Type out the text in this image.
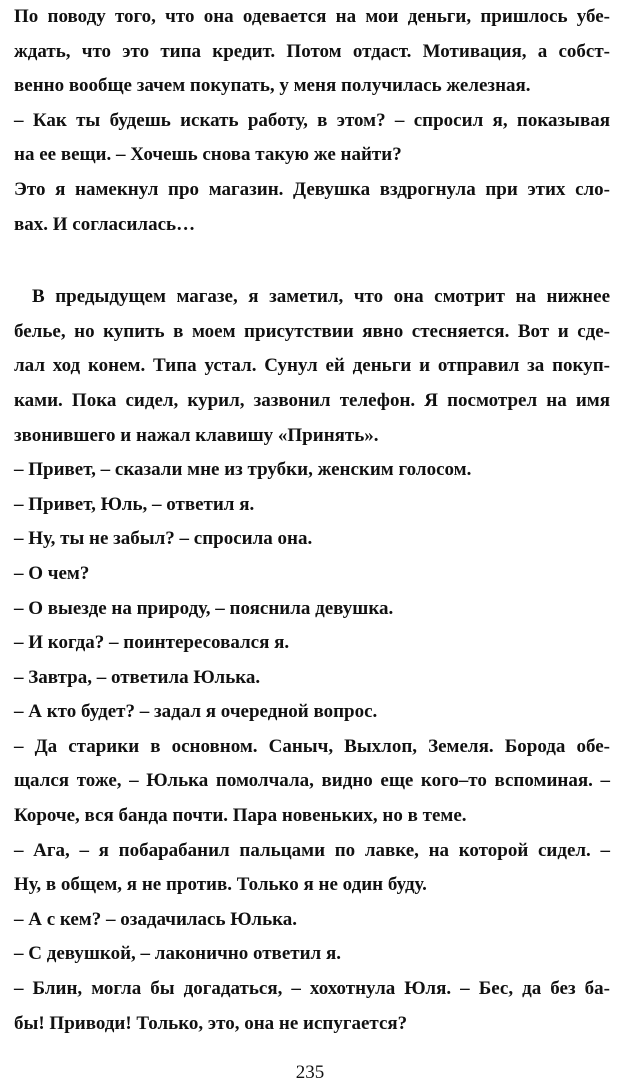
По поводу того, что она одевается на мои деньги, пришлось убе-
ждать, что это типа кредит. Потом отдаст. Мотивация, а собст-
венно вообще зачем покупать, у меня получилась железная.
– Как ты будешь искать работу, в этом? – спросил я, показывая
на ее вещи. – Хочешь снова такую же найти?
Это я намекнул про магазин. Девушка вздрогнула при этих сло-
вах. И согласилась…
В предыдущем магазе, я заметил, что она смотрит на нижнее
белье, но купить в моем присутствии явно стесняется. Вот и сде-
лал ход конем. Типа устал. Сунул ей деньги и отправил за покуп-
ками. Пока сидел, курил, зазвонил телефон. Я посмотрел на имя
звонившего и нажал клавишу «Принять».
– Привет, – сказали мне из трубки, женским голосом.
– Привет, Юль, – ответил я.
– Ну, ты не забыл? – спросила она.
– О чем?
– О выезде на природу, – пояснила девушка.
– И когда? – поинтересовался я.
– Завтра, – ответила Юлька.
– А кто будет? – задал я очередной вопрос.
– Да старики в основном. Саныч, Выхлоп, Земеля. Борода обе-
щался тоже, – Юлька помолчала, видно еще кого–то вспоминая. –
Короче, вся банда почти. Пара новеньких, но в теме.
– Ага, – я побарабанил пальцами по лавке, на которой сидел. –
Ну, в общем, я не против. Только я не один буду.
– А с кем? – озадачилась Юлька.
– С девушкой, – лаконично ответил я.
– Блин, могла бы догадаться, – хохотнула Юля. – Бес, да без ба-
бы! Приводи! Только, это, она не испугается?
235
